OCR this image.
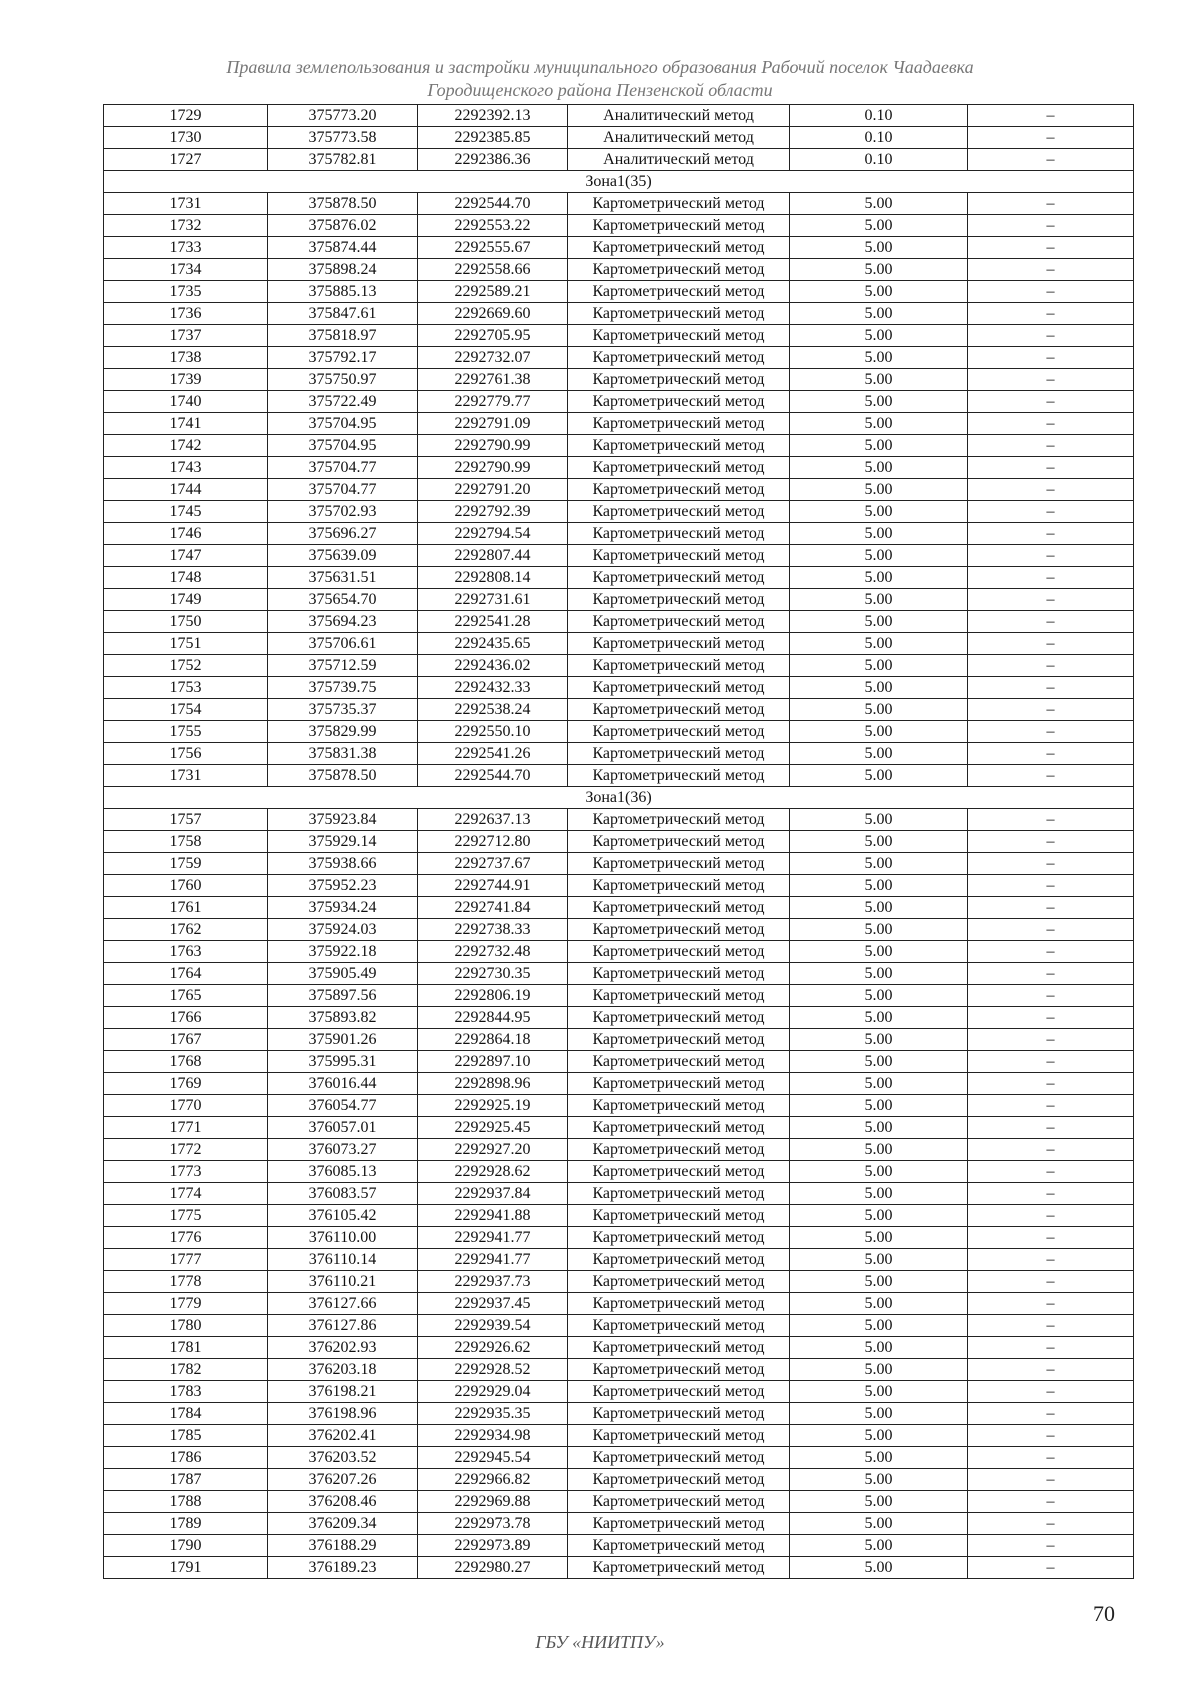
Правила землепользования и застройки муниципального образования Рабочий поселок Чаадаевка
Городищенского района Пензенской области
1729	375773.20	2292392.13	Аналитический метод	0.10	–
1730	375773.58	2292385.85	Аналитический метод	0.10	–
1727	375782.81	2292386.36	Аналитический метод	0.10	–
Зона1(35)					
1731	375878.50	2292544.70	Картометрический метод	5.00	–
1732	375876.02	2292553.22	Картометрический метод	5.00	–
1733	375874.44	2292555.67	Картометрический метод	5.00	–
1734	375898.24	2292558.66	Картометрический метод	5.00	–
1735	375885.13	2292589.21	Картометрический метод	5.00	–
1736	375847.61	2292669.60	Картометрический метод	5.00	–
1737	375818.97	2292705.95	Картометрический метод	5.00	–
1738	375792.17	2292732.07	Картометрический метод	5.00	–
1739	375750.97	2292761.38	Картометрический метод	5.00	–
1740	375722.49	2292779.77	Картометрический метод	5.00	–
1741	375704.95	2292791.09	Картометрический метод	5.00	–
1742	375704.95	2292790.99	Картометрический метод	5.00	–
1743	375704.77	2292790.99	Картометрический метод	5.00	–
1744	375704.77	2292791.20	Картометрический метод	5.00	–
1745	375702.93	2292792.39	Картометрический метод	5.00	–
1746	375696.27	2292794.54	Картометрический метод	5.00	–
1747	375639.09	2292807.44	Картометрический метод	5.00	–
1748	375631.51	2292808.14	Картометрический метод	5.00	–
1749	375654.70	2292731.61	Картометрический метод	5.00	–
1750	375694.23	2292541.28	Картометрический метод	5.00	–
1751	375706.61	2292435.65	Картометрический метод	5.00	–
1752	375712.59	2292436.02	Картометрический метод	5.00	–
1753	375739.75	2292432.33	Картометрический метод	5.00	–
1754	375735.37	2292538.24	Картометрический метод	5.00	–
1755	375829.99	2292550.10	Картометрический метод	5.00	–
1756	375831.38	2292541.26	Картометрический метод	5.00	–
1731	375878.50	2292544.70	Картометрический метод	5.00	–
Зона1(36)					
1757	375923.84	2292637.13	Картометрический метод	5.00	–
1758	375929.14	2292712.80	Картометрический метод	5.00	–
1759	375938.66	2292737.67	Картометрический метод	5.00	–
1760	375952.23	2292744.91	Картометрический метод	5.00	–
1761	375934.24	2292741.84	Картометрический метод	5.00	–
1762	375924.03	2292738.33	Картометрический метод	5.00	–
1763	375922.18	2292732.48	Картометрический метод	5.00	–
1764	375905.49	2292730.35	Картометрический метод	5.00	–
1765	375897.56	2292806.19	Картометрический метод	5.00	–
1766	375893.82	2292844.95	Картометрический метод	5.00	–
1767	375901.26	2292864.18	Картометрический метод	5.00	–
1768	375995.31	2292897.10	Картометрический метод	5.00	–
1769	376016.44	2292898.96	Картометрический метод	5.00	–
1770	376054.77	2292925.19	Картометрический метод	5.00	–
1771	376057.01	2292925.45	Картометрический метод	5.00	–
1772	376073.27	2292927.20	Картометрический метод	5.00	–
1773	376085.13	2292928.62	Картометрический метод	5.00	–
1774	376083.57	2292937.84	Картометрический метод	5.00	–
1775	376105.42	2292941.88	Картометрический метод	5.00	–
1776	376110.00	2292941.77	Картометрический метод	5.00	–
1777	376110.14	2292941.77	Картометрический метод	5.00	–
1778	376110.21	2292937.73	Картометрический метод	5.00	–
1779	376127.66	2292937.45	Картометрический метод	5.00	–
1780	376127.86	2292939.54	Картометрический метод	5.00	–
1781	376202.93	2292926.62	Картометрический метод	5.00	–
1782	376203.18	2292928.52	Картометрический метод	5.00	–
1783	376198.21	2292929.04	Картометрический метод	5.00	–
1784	376198.96	2292935.35	Картометрический метод	5.00	–
1785	376202.41	2292934.98	Картометрический метод	5.00	–
1786	376203.52	2292945.54	Картометрический метод	5.00	–
1787	376207.26	2292966.82	Картометрический метод	5.00	–
1788	376208.46	2292969.88	Картометрический метод	5.00	–
1789	376209.34	2292973.78	Картометрический метод	5.00	–
1790	376188.29	2292973.89	Картометрический метод	5.00	–
1791	376189.23	2292980.27	Картометрический метод	5.00	–
70
ГБУ «НИИТПУ»
